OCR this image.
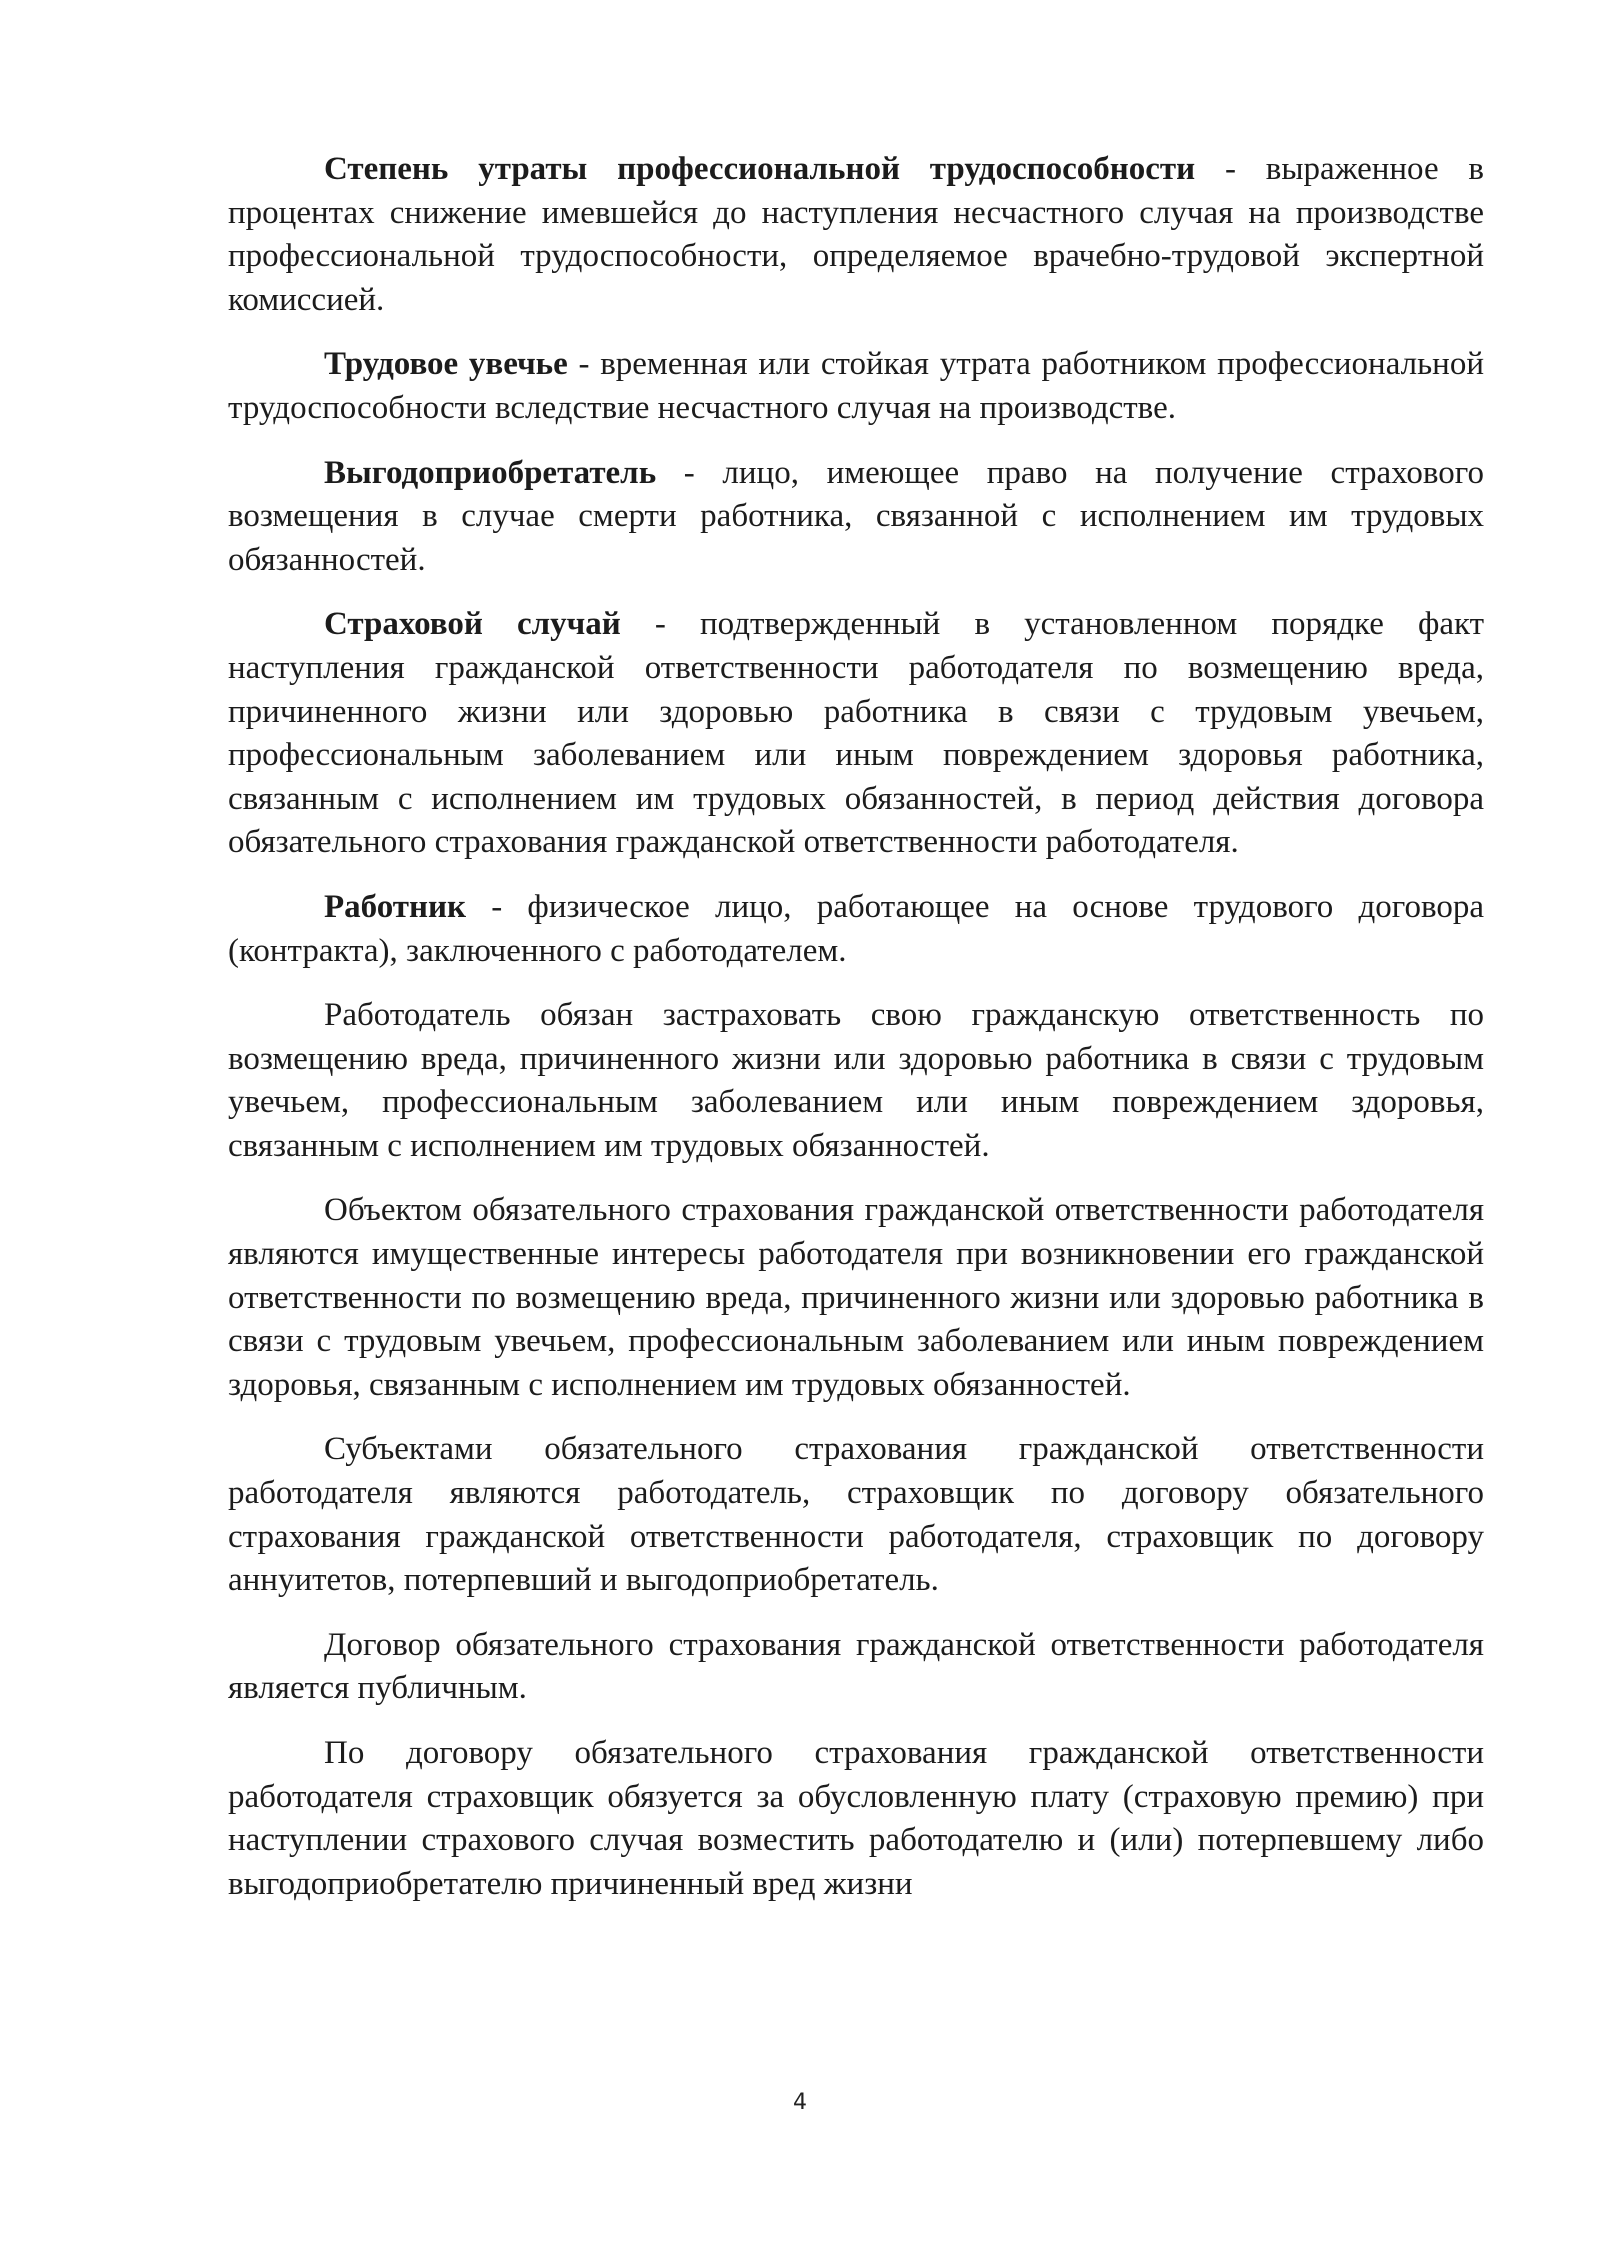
Степень утраты профессиональной трудоспособности - выраженное в процентах снижение имевшейся до наступления несчастного случая на производстве профессиональной трудоспособности, определяемое врачебно-трудовой экспертной комиссией.

Трудовое увечье - временная или стойкая утрата работником профессиональной трудоспособности вследствие несчастного случая на производстве.

Выгодоприобретатель - лицо, имеющее право на получение страхового возмещения в случае смерти работника, связанной с исполнением им трудовых обязанностей.

Страховой случай - подтвержденный в установленном порядке факт наступления гражданской ответственности работодателя по возмещению вреда, причиненного жизни или здоровью работника в связи с трудовым увечьем, профессиональным заболеванием или иным повреждением здоровья работника, связанным с исполнением им трудовых обязанностей, в период действия договора обязательного страхования гражданской ответственности работодателя.

Работник - физическое лицо, работающее на основе трудового договора (контракта), заключенного с работодателем.

Работодатель обязан застраховать свою гражданскую ответственность по возмещению вреда, причиненного жизни или здоровью работника в связи с трудовым увечьем, профессиональным заболеванием или иным повреждением здоровья, связанным с исполнением им трудовых обязанностей.

Объектом обязательного страхования гражданской ответственности работодателя являются имущественные интересы работодателя при возникновении его гражданской ответственности по возмещению вреда, причиненного жизни или здоровью работника в связи с трудовым увечьем, профессиональным заболеванием или иным повреждением здоровья, связанным с исполнением им трудовых обязанностей.

Субъектами обязательного страхования гражданской ответственности работодателя являются работодатель, страховщик по договору обязательного страхования гражданской ответственности работодателя, страховщик по договору аннуитетов, потерпевший и выгодоприобретатель.

Договор обязательного страхования гражданской ответственности работодателя является публичным.

По договору обязательного страхования гражданской ответственности работодателя страховщик обязуется за обусловленную плату (страховую премию) при наступлении страхового случая возместить работодателю и (или) потерпевшему либо выгодоприобретателю причиненный вред жизни

4
